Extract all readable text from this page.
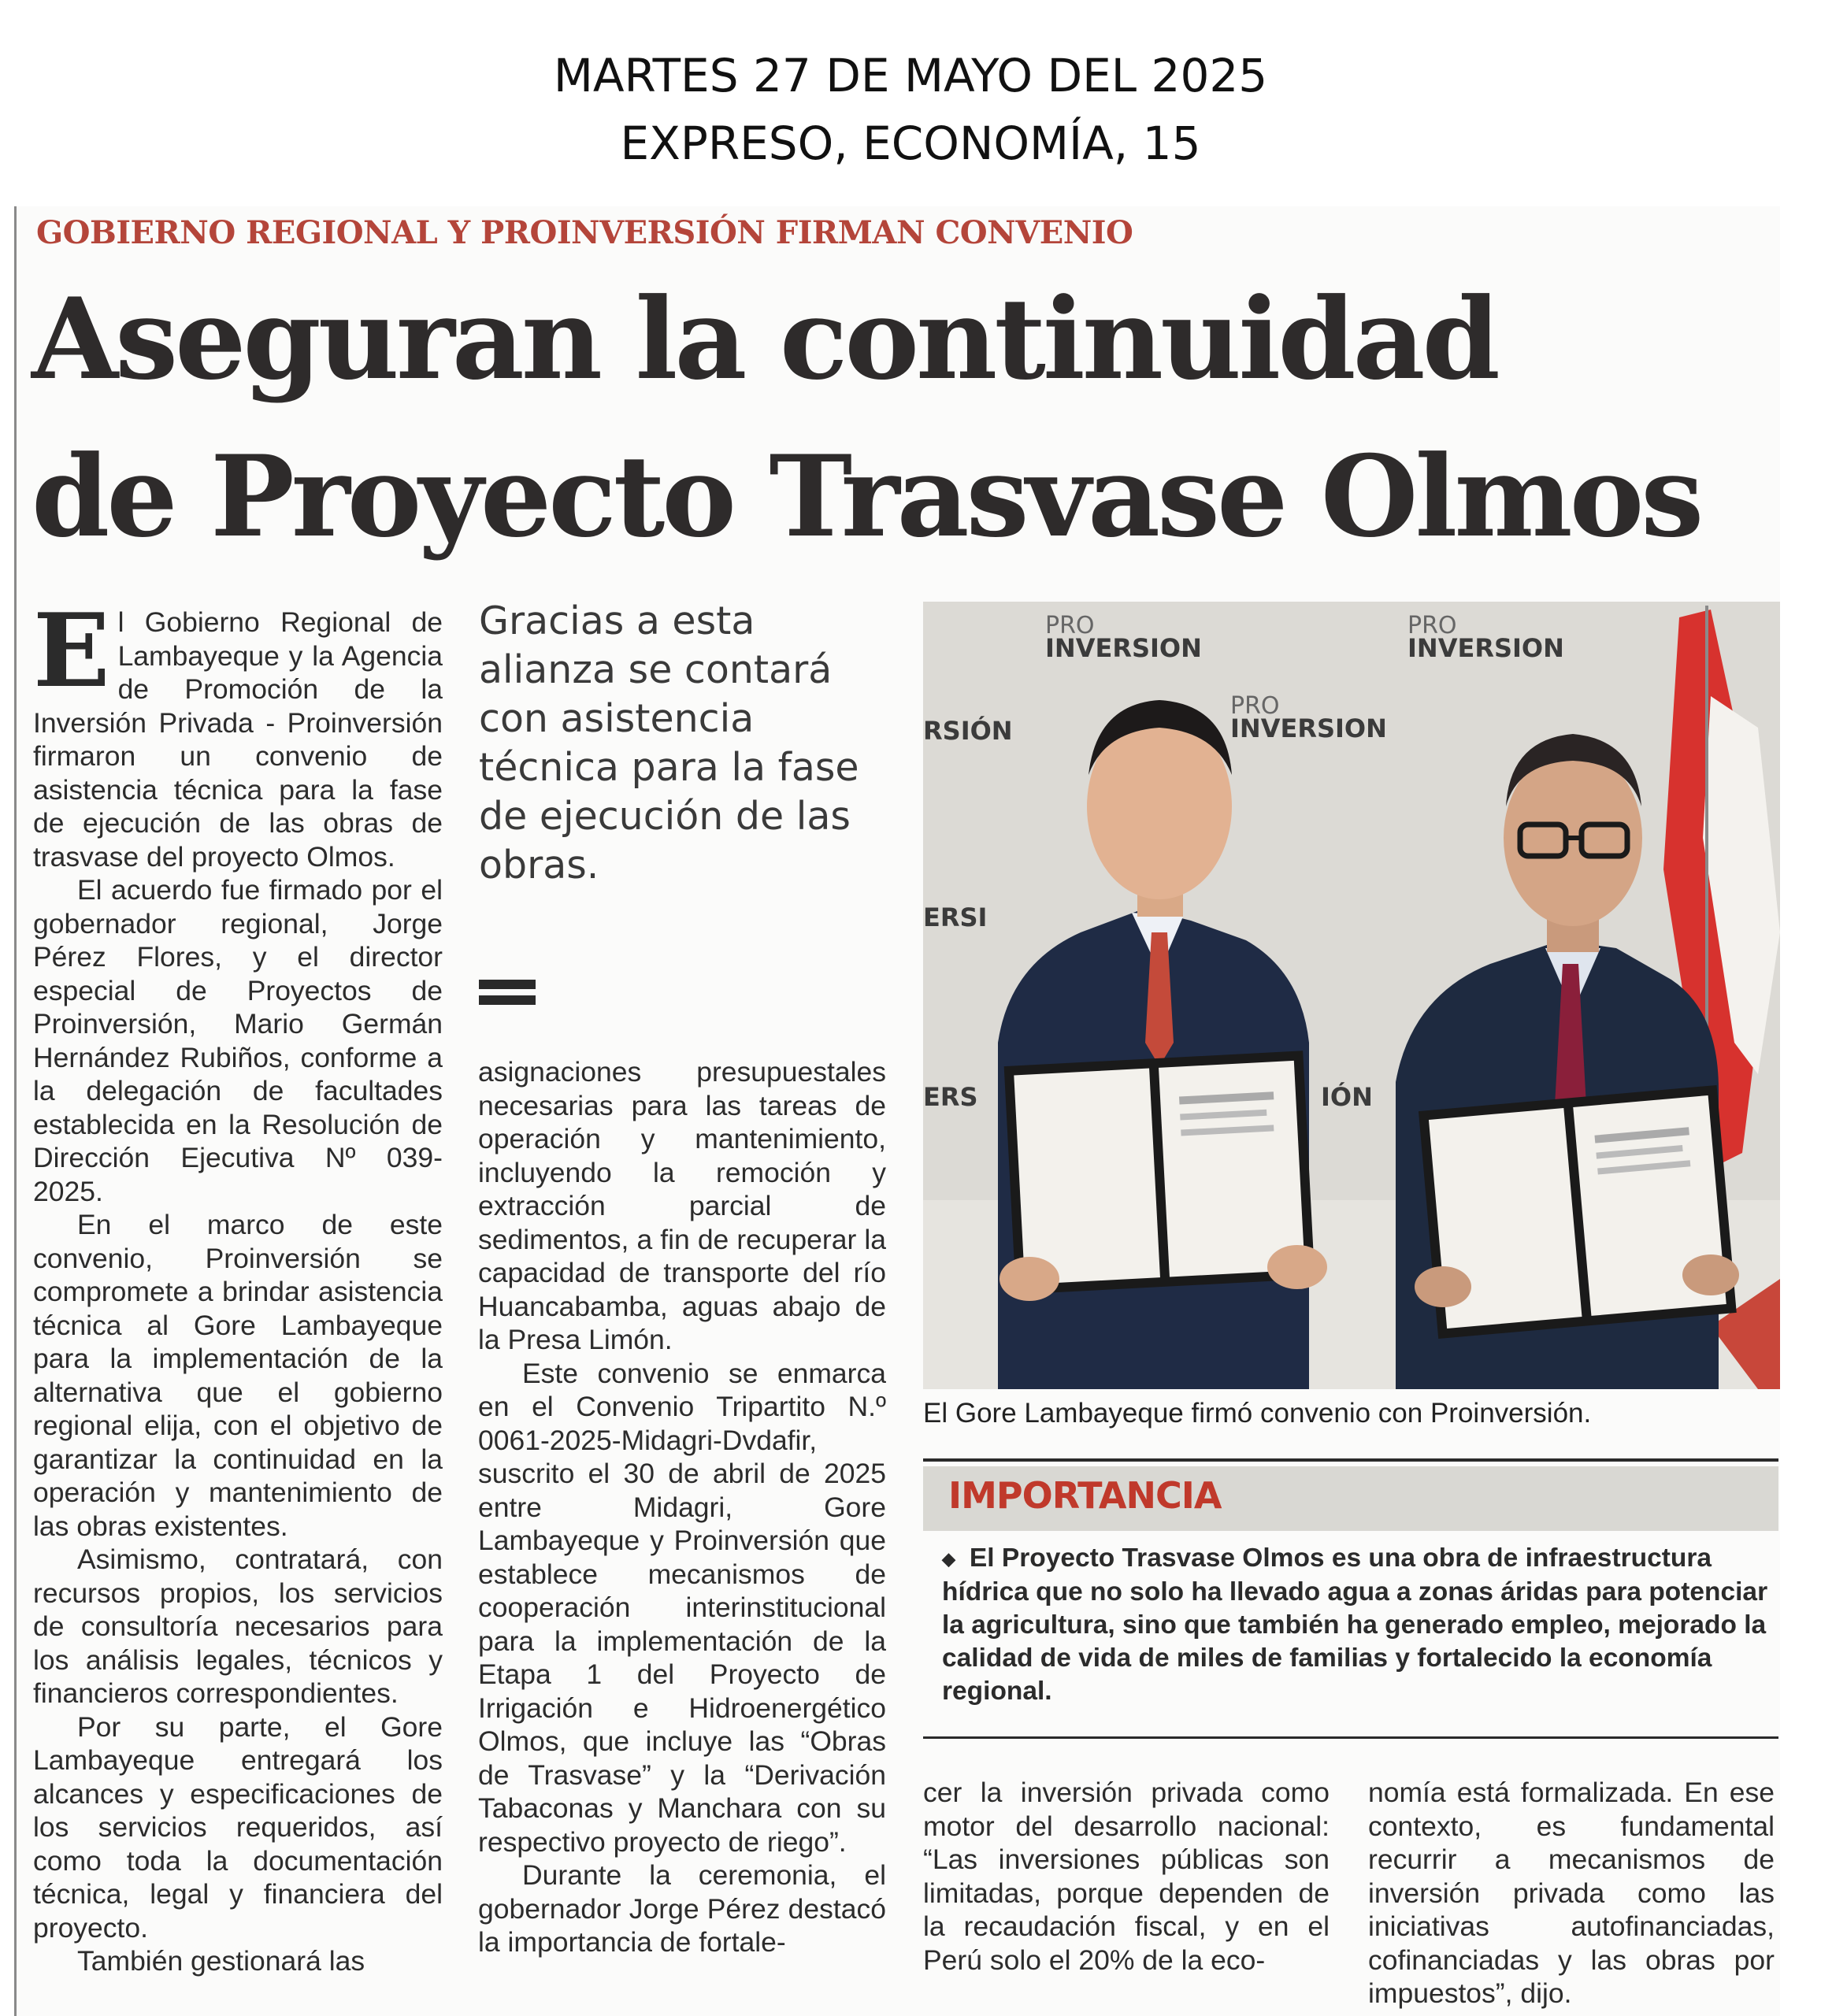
MARTES 27 DE MAYO DEL 2025
EXPRESO, ECONOMÍA, 15
GOBIERNO REGIONAL Y PROINVERSIÓN FIRMAN CONVENIO
Aseguran la continuidad
de Proyecto Trasvase Olmos

El Gobierno Regional de Lambayeque y la Agencia de Promoción de la Inversión Privada - Proinversión firmaron un convenio de asistencia técnica para la fase de ejecución de las obras de trasvase del proyecto Olmos.

El acuerdo fue firmado por el gobernador regional, Jorge Pérez Flores, y el director especial de Proyectos de Proinversión, Mario Germán Hernández Rubiños, conforme a la delegación de facultades establecida en la Resolución de Dirección Ejecutiva Nº 039-2025.

En el marco de este convenio, Proinversión se compromete a brindar asistencia técnica al Gore Lambayeque para la implementación de la alternativa que el gobierno regional elija, con el objetivo de garantizar la continuidad en la operación y mantenimiento de las obras existentes.

Asimismo, contratará, con recursos propios, los servicios de consultoría necesarios para los análisis legales, técnicos y financieros correspondientes.

Por su parte, el Gore Lambayeque entregará los alcances y especificaciones de los servicios requeridos, así como toda la documentación técnica, legal y financiera del proyecto.

También gestionará las

Gracias a esta alianza se contará con asistencia técnica para la fase de ejecución de las obras.

asignaciones presupuestales necesarias para las tareas de operación y mantenimiento, incluyendo la remoción y extracción parcial de sedimentos, a fin de recuperar la capacidad de transporte del río Huancabamba, aguas abajo de la Presa Limón.

Este convenio se enmarca en el Convenio Tripartito N.º 0061-2025-Midagri-Dvdafir, suscrito el 30 de abril de 2025 entre Midagri, Gore Lambayeque y Proinversión que establece mecanismos de cooperación interinstitucional para la implementación de la Etapa 1 del Proyecto de Irrigación e Hidroenergético Olmos, que incluye las “Obras de Trasvase” y la “Derivación Tabaconas y Manchara con su respectivo proyecto de riego”.

Durante la ceremonia, el gobernador Jorge Pérez destacó la importancia de fortale-

PRO
INVERSION
PRO
INVERSION
PRO
INVERSION
RSIÓN
ERSI
ERS	IÓN
El Gore Lambayeque firmó convenio con Proinversión.
IMPORTANCIA
◆ El Proyecto Trasvase Olmos es una obra de infraestructura hídrica que no solo ha llevado agua a zonas áridas para potenciar la agricultura, sino que también ha generado empleo, mejorado la calidad de vida de miles de familias y fortalecido la economía regional.

cer la inversión privada como motor del desarrollo nacional: “Las inversiones públicas son limitadas, porque dependen de la recaudación fiscal, y en el Perú solo el 20% de la eco-

nomía está formalizada. En ese contexto, es fundamental recurrir a mecanismos de inversión privada como las iniciativas autofinanciadas, cofinanciadas y las obras por impuestos”, dijo.
